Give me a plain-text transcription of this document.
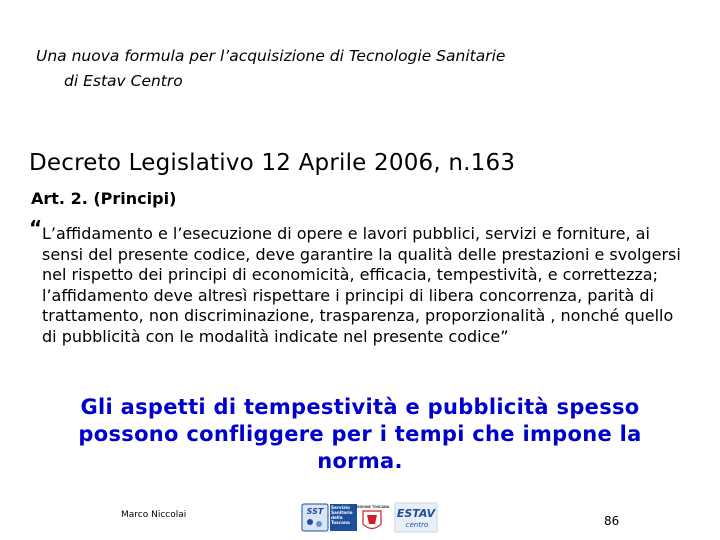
Una nuova formula per l’acquisizione di Tecnologie Sanitarie
di Estav Centro
Decreto Legislativo 12 Aprile 2006, n.163
Art. 2. (Principi)
“ L’affidamento e l’esecuzione di opere e lavori pubblici, servizi e forniture, ai sensi del presente codice, deve garantire la qualità delle prestazioni e svolgersi nel rispetto dei principi di economicità, efficacia, tempestività, e correttezza; l’affidamento deve altresì rispettare i principi di libera concorrenza, parità di trattamento, non discriminazione, trasparenza, proporzionalità , nonché quello di pubblicità con le modalità indicate nel presente codice”
Gli aspetti di tempestività e pubblicità spesso possono confliggere per i tempi che impone la norma.
Marco Niccolai	SST Servizio Sanitario della Toscana
REGIONE TOSCANA ESTAV
centro	86
